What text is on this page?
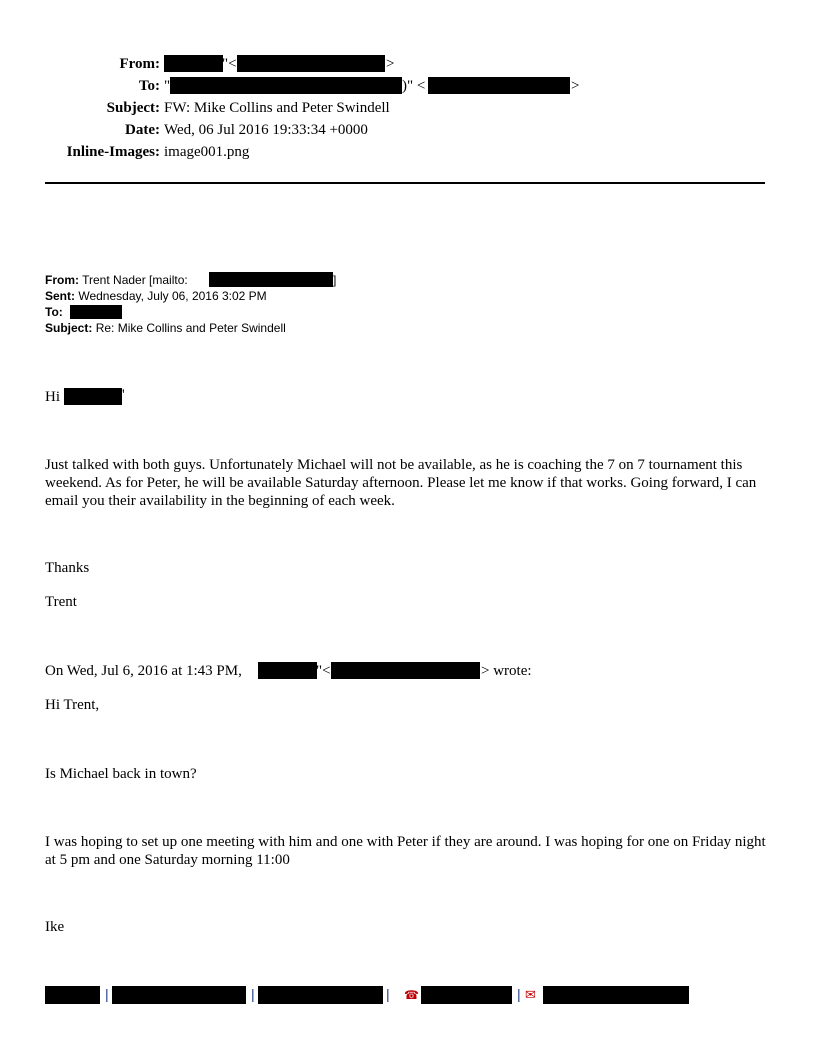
From:	"<	>
To: "	)" <	>
Subject: FW: Mike Collins and Peter Swindell
Date: Wed, 06 Jul 2016 19:33:34 +0000
Inline-Images: image001.png
From: Trent Nader [mailto:	]
Sent: Wednesday, July 06, 2016 3:02 PM
To:
Subject: Re: Mike Collins and Peter Swindell
Hi	'
Just talked with both guys. Unfortunately Michael will not be available, as he is coaching the 7 on 7 tournament this weekend. As for Peter, he will be available Saturday afternoon. Please let me know if that works. Going forward, I can email you their availability in the beginning of each week.
Thanks
Trent
On Wed, Jul 6, 2016 at 1:43 PM,	"<	> wrote:
Hi Trent,
Is Michael back in town?
I was hoping to set up one meeting with him and one with Peter if they are around. I was hoping for one on Friday night at 5 pm and one Saturday morning 11:00
Ike
|	|	| ☎	| ✉
